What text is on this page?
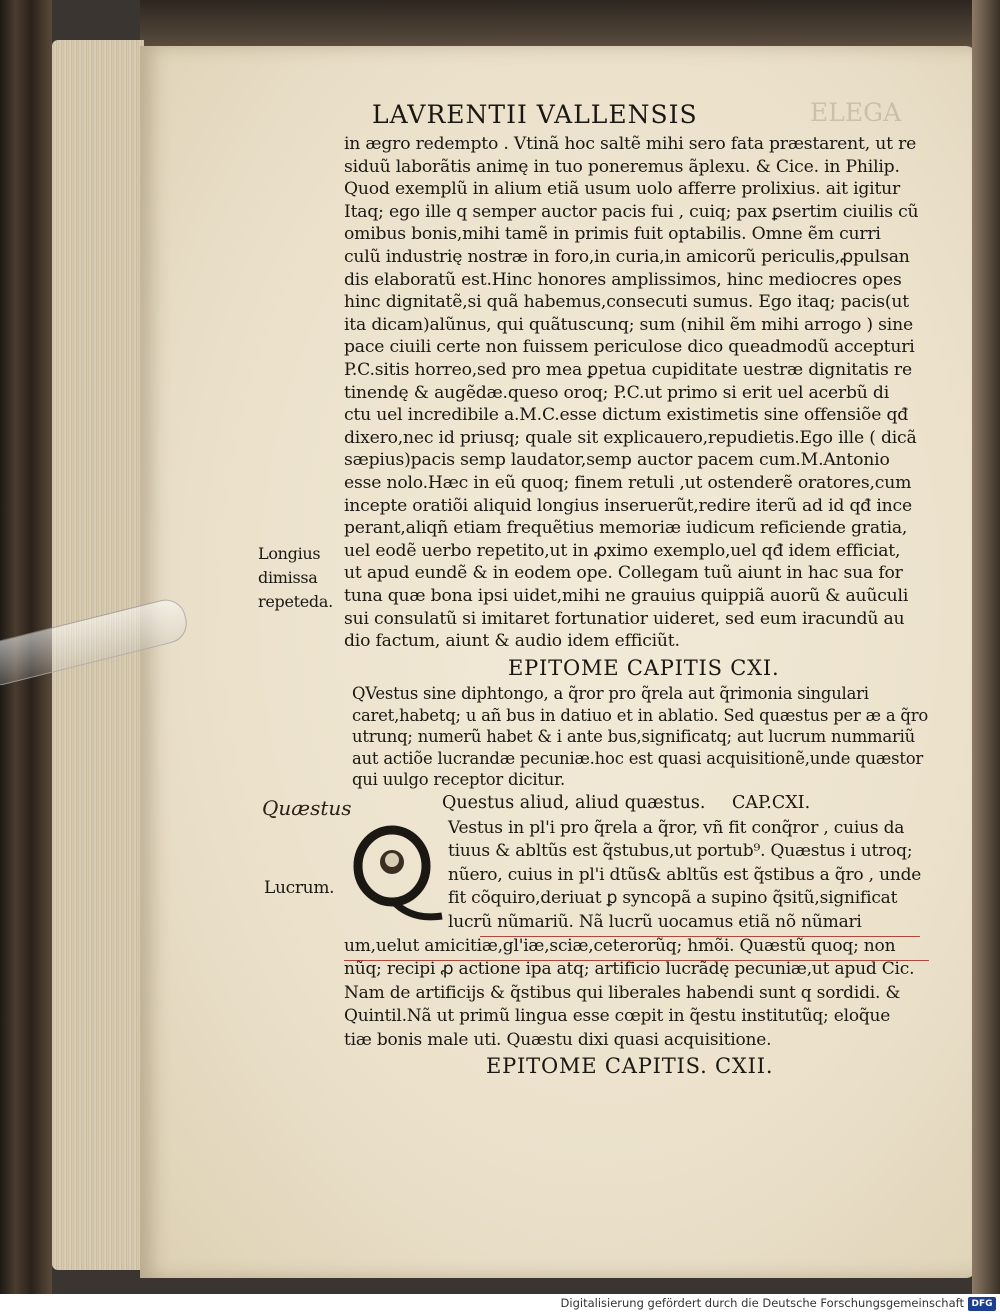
ELEGA
LAVRENTII VALLENSIS
in ægro redempto . Vtinã hoc saltẽ mihi sero fata præstarent, ut re
siduũ laborãtis animę in tuo poneremus ãplexu. & Cice. in Philip.
Quod exemplũ in alium etiã usum uolo afferre prolixius. ait igitur
Itaq; ego ille q semper auctor pacis fui , cuiq; pax ꝑsertim ciuilis cũ
omibus bonis,mihi tamẽ in primis fuit optabilis. Omne ẽm curri
culũ industrię nostræ in foro,in curia,in amicorũ periculis,ꝓpulsan
dis elaboratũ est.Hinc honores amplissimos, hinc mediocres opes
hinc dignitatẽ,si quã habemus,consecuti sumus. Ego itaq; pacis(ut
ita dicam)alũnus, qui quãtuscunq; sum (nihil ẽm mihi arrogo ) sine
pace ciuili certe non fuissem periculose dico queadmodũ accepturi
P.C.sitis horreo,sed pro mea ꝑpetua cupiditate uestræ dignitatis re
tinendę & augẽdæ.queso oroq; P.C.ut primo si erit uel acerbũ di
ctu uel incredibile a.M.C.esse dictum existimetis sine offensiõe qđ
dixero,nec id priusq; quale sit explicauero,repudietis.Ego ille ( dicã
sæpius)pacis semp laudator,semp auctor pacem cum.M.Antonio
esse nolo.Hæc in eũ quoq; finem retuli ,ut ostenderẽ oratores,cum
incepte oratiõi aliquid longius inseruerũt,redire iterũ ad id qđ ince
perant,aliqñ etiam frequẽtius memoriæ iudicum reficiende gratia,
uel eodẽ uerbo repetito,ut in ꝓximo exemplo,uel qđ idem efficiat,
ut apud eundẽ & in eodem ope. Collegam tuũ aiunt in hac sua for
tuna quæ bona ipsi uidet,mihi ne grauius quippiã auorũ & auũculi
sui consulatũ si imitaret fortunatior uideret, sed eum iracundũ au
dio factum, aiunt & audio idem efficiũt.
Longius
dimissa
repeteda.
EPITOME CAPITIS CXI.
QVestus sine diphtongo, a q̃ror pro q̃rela aut q̃rimonia singulari
caret,habetq; u añ bus in datiuo et in ablatio. Sed quæstus per æ a q̃ro
utrunq; numerũ habet & i ante bus,significatq; aut lucrum nummariũ
aut actiõe lucrandæ pecuniæ.hoc est quasi acquisitionẽ,unde quæstor
qui uulgo receptor dicitur.
Quæstus	Questus aliud, aliud quæstus. CAP.CXI.
Vestus in pl'i pro q̃rela a q̃ror, vñ fit conq̃ror , cuius da
tiuus & abltũs est q̃stubus,ut portub⁹. Quæstus i utroq;
nũero, cuius in pl'i dtũs& abltũs est q̃stibus a q̃ro , unde
fit cõquiro,deriuat ꝑ syncopã a supino q̃sitũ,significat
lucrũ nũmariũ. Nã lucrũ uocamus etiã nõ nũmari
Lucrum.
um,uelut amicitiæ,gl'iæ,sciæ,ceterorũq; hmõi. Quæstũ quoq; non
nũq; recipi ꝓ actione ipa atq; artificio lucrãdę pecuniæ,ut apud Cic.
Nam de artificijs & q̃stibus qui liberales habendi sunt q sordidi. &
Quintil.Nã ut primũ lingua esse cœpit in q̃estu institutũq; eloq̃ue
tiæ bonis male uti. Quæstu dixi quasi acquisitione.
EPITOME CAPITIS. CXII.
Digitalisierung gefördert durch die Deutsche Forschungsgemeinschaft DFG
